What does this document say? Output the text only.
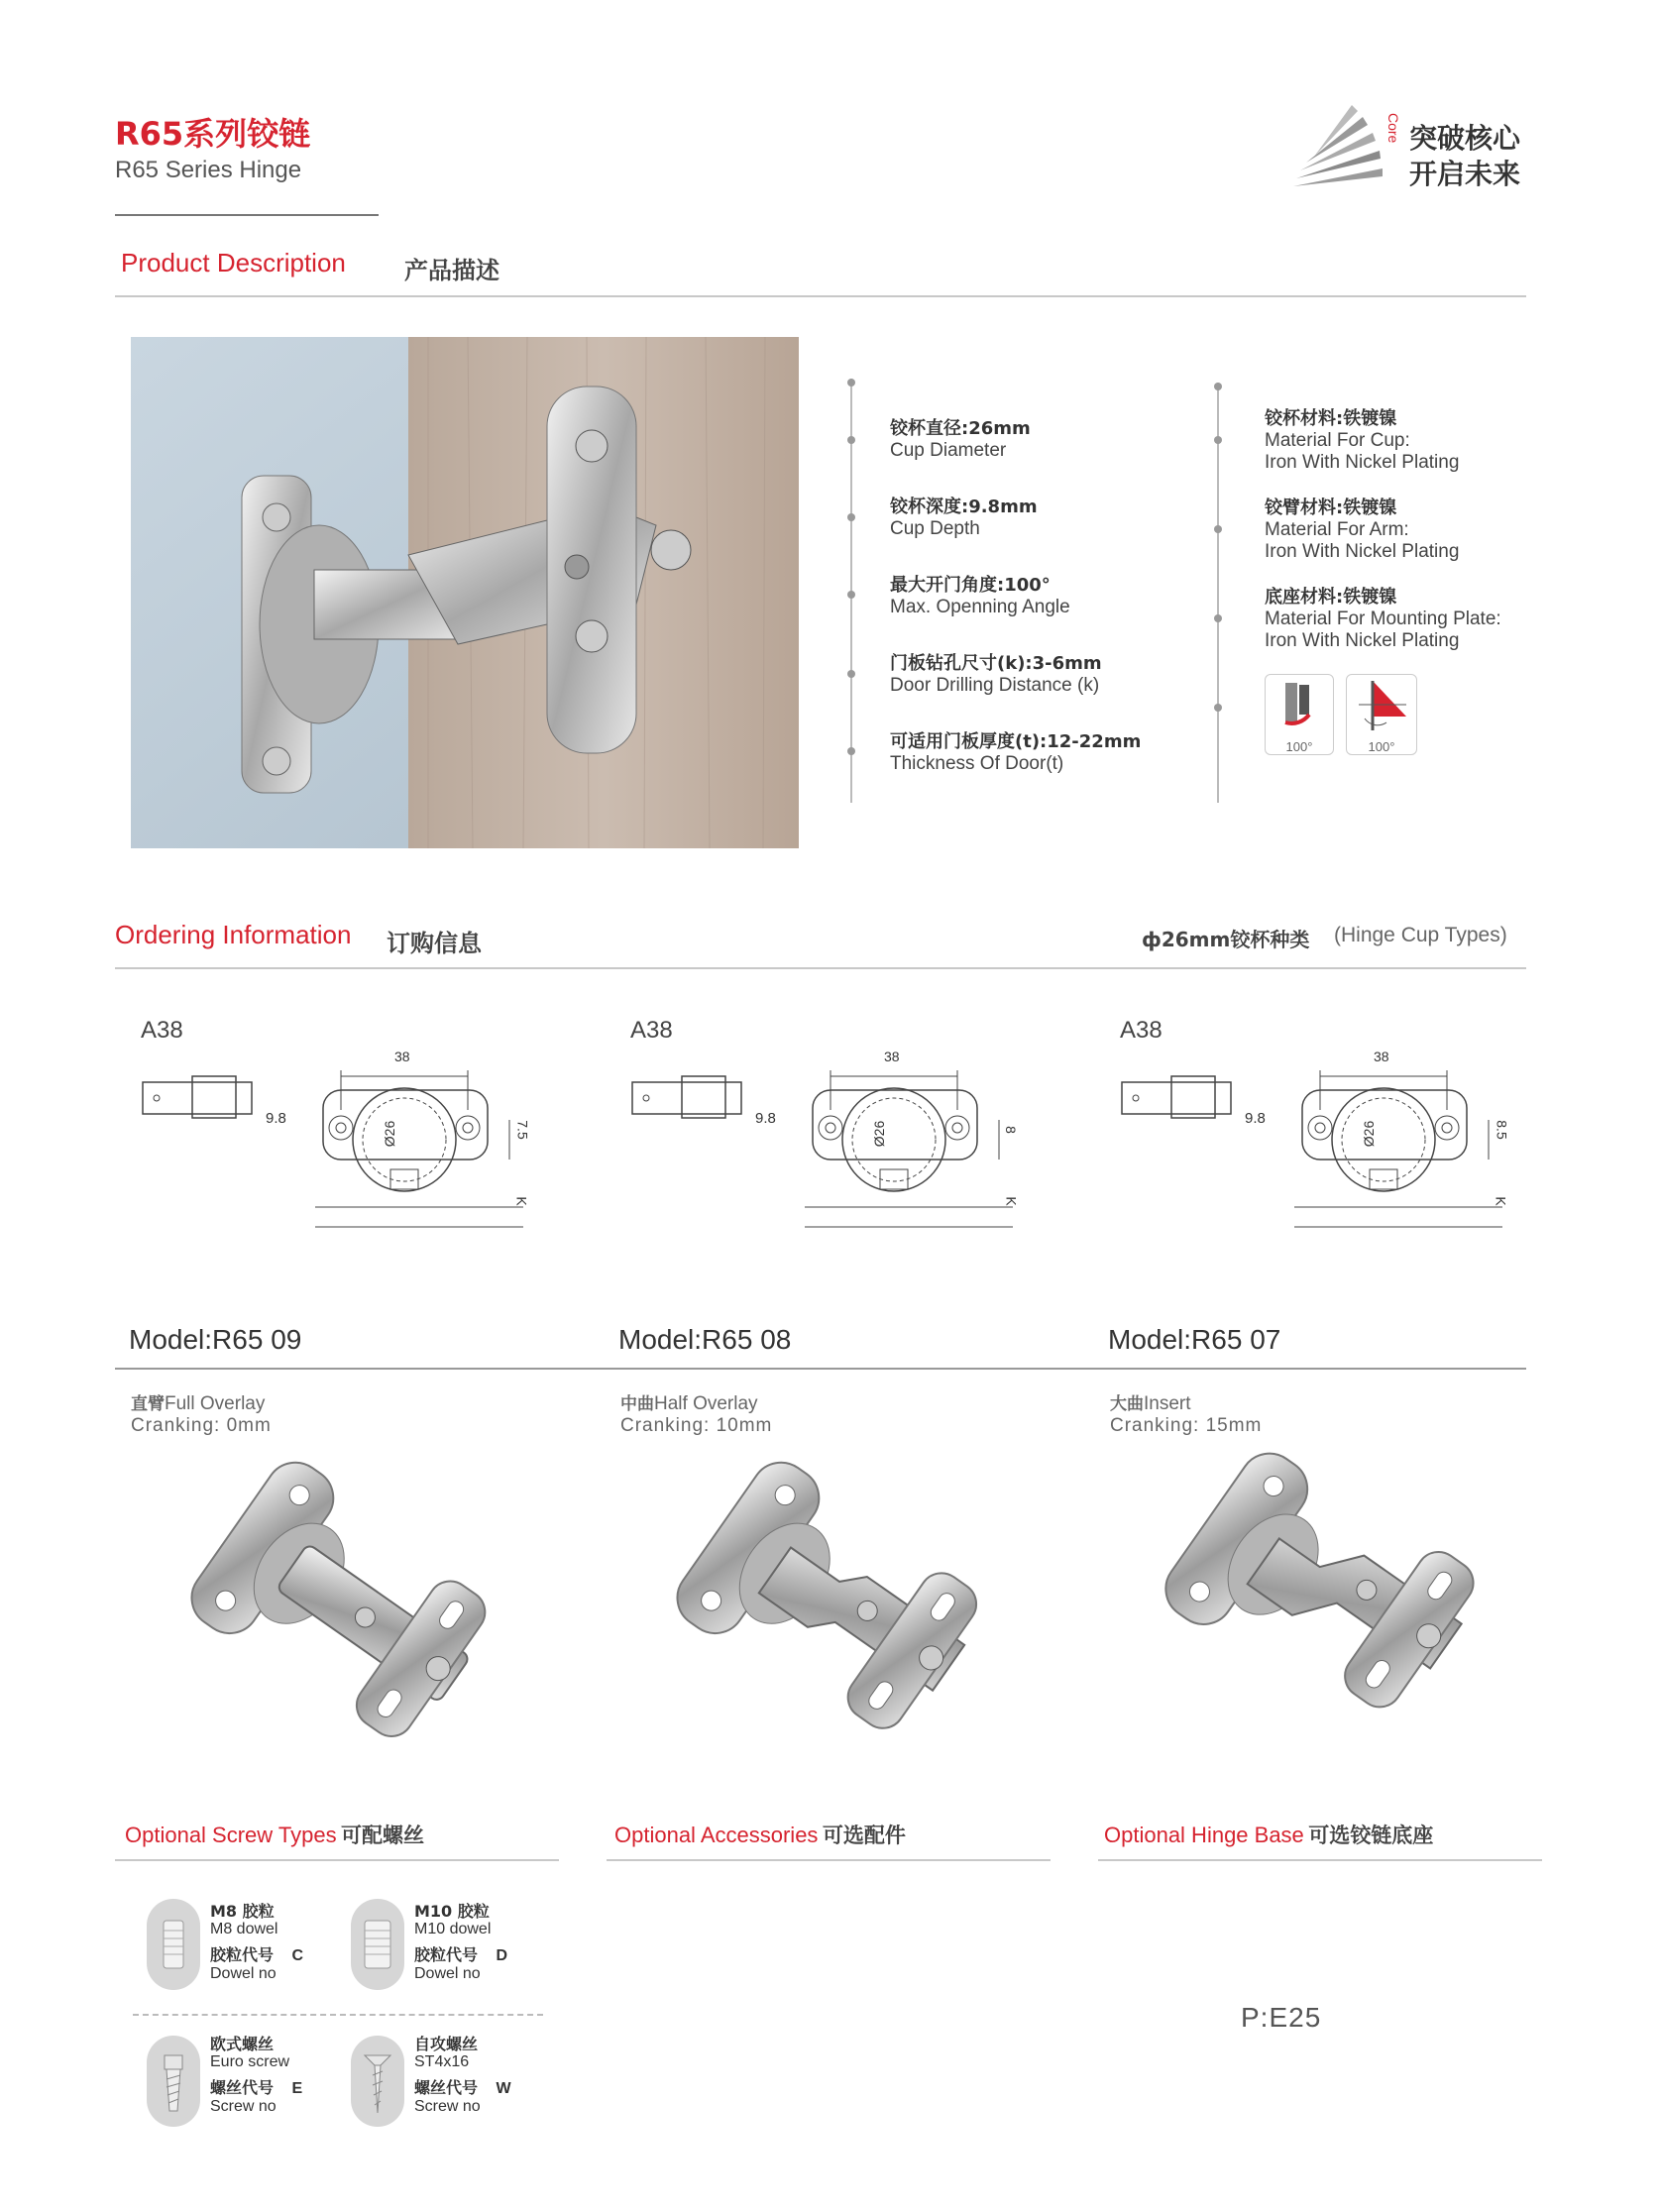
R65系列铰链
R65 Series Hinge
Core 突破核心
开启未来
Product Description 产品描述
铰杯直径:26mm
Cup Diameter
铰杯深度:9.8mm
Cup Depth
最大开门角度:100°
Max. Openning Angle
门板钻孔尺寸(k):3-6mm
Door Drilling Distance (k)
可适用门板厚度(t):12-22mm
Thickness Of Door(t)
铰杯材料:铁镀镍
Material For Cup:
Iron With Nickel Plating
铰臂材料:铁镀镍
Material For Arm:
Iron With Nickel Plating
底座材料:铁镀镍
Material For Mounting Plate:
Iron With Nickel Plating
100°	100°
Ordering Information 订购信息	ф26mm铰杯种类 (Hinge Cup Types)
A38
9.8
38
Ø26	7.5
K
A38
9.8
38
Ø26	8
K
A38
9.8
38
Ø26	8.5
K
Model:R65 09	Model:R65 08	Model:R65 07
直臂Full Overlay
Cranking: 0mm
中曲Half Overlay
Cranking: 10mm
大曲Insert
Cranking: 15mm
Optional Screw Types 可配螺丝	Optional Accessories 可选配件	Optional Hinge Base 可选铰链底座
M8 胶粒
M8 dowel
胶粒代号 C
Dowel no
M10 胶粒
M10 dowel
胶粒代号 D
Dowel no
欧式螺丝
Euro screw
螺丝代号 E
Screw no
自攻螺丝
ST4x16
螺丝代号 W
Screw no
P:E25
